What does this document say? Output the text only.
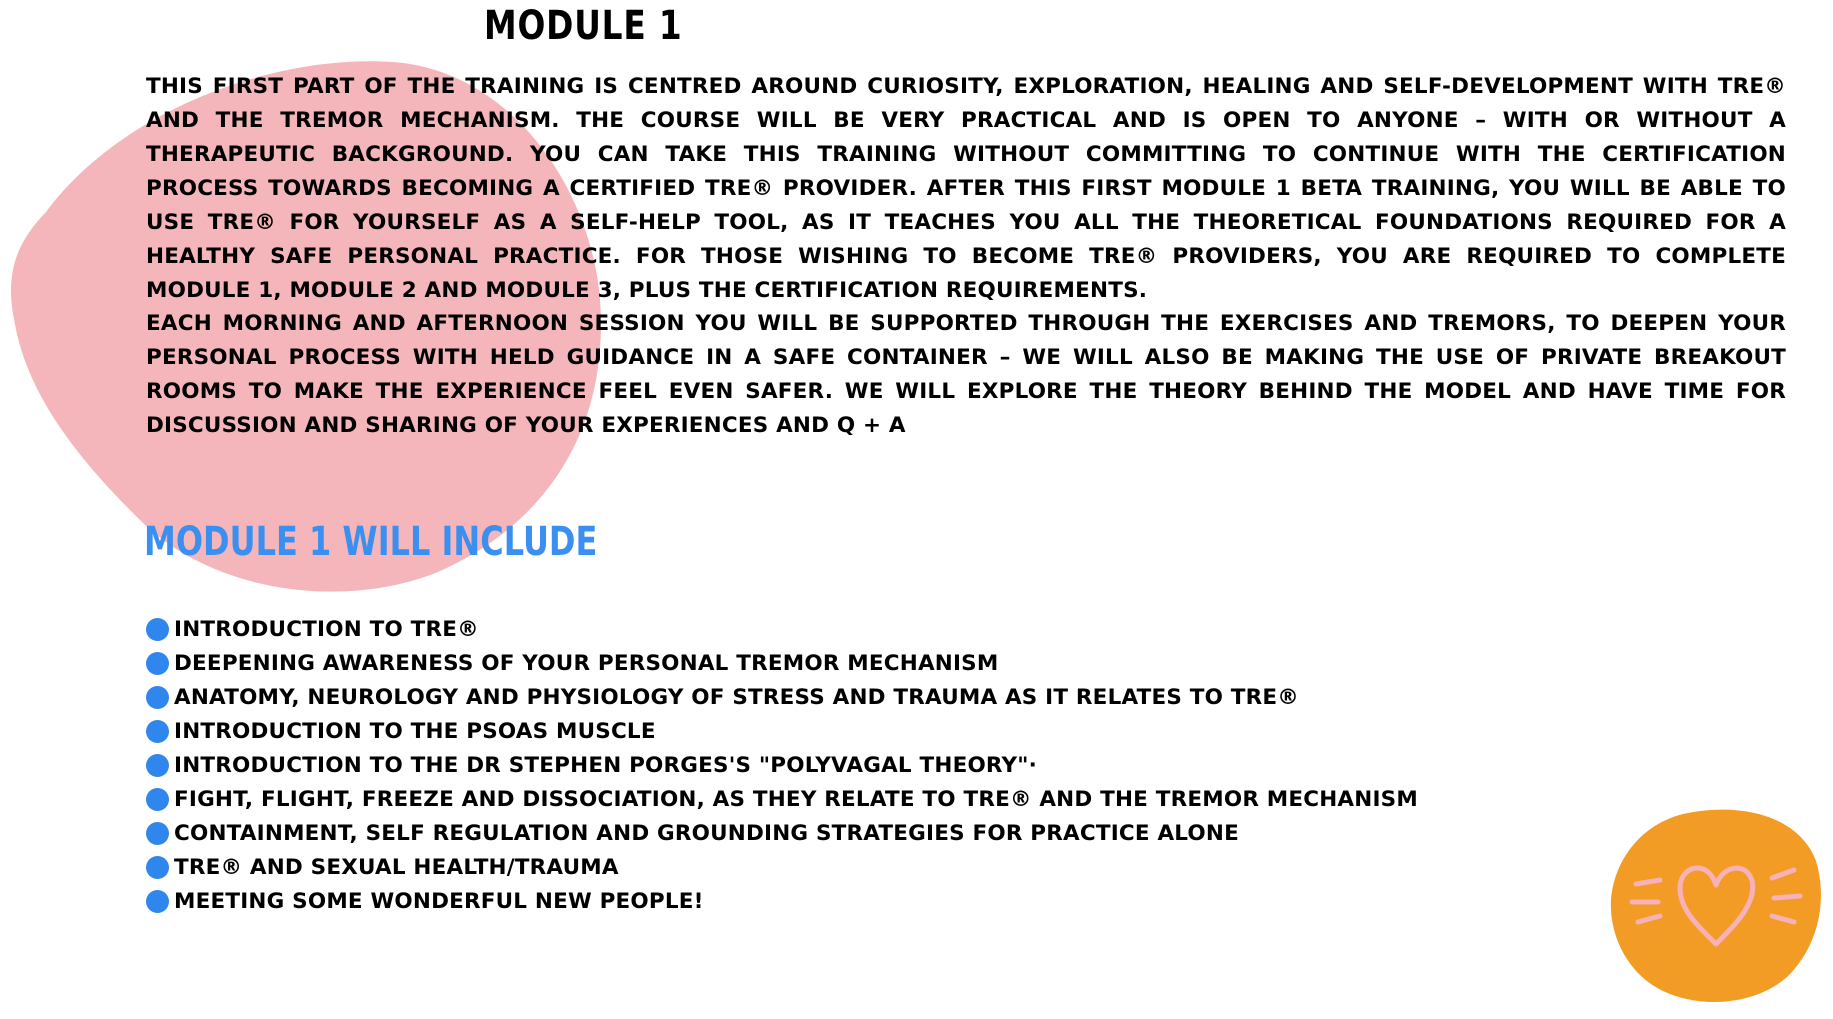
MODULE 1

THIS FIRST PART OF THE TRAINING IS CENTRED AROUND CURIOSITY, EXPLORATION, HEALING AND SELF-DEVELOPMENT WITH TRE® AND THE TREMOR MECHANISM. THE COURSE WILL BE VERY PRACTICAL AND IS OPEN TO ANYONE – WITH OR WITHOUT A THERAPEUTIC BACKGROUND. YOU CAN TAKE THIS TRAINING WITHOUT COMMITTING TO CONTINUE WITH THE CERTIFICATION PROCESS TOWARDS BECOMING A CERTIFIED TRE® PROVIDER. AFTER THIS FIRST MODULE 1 BETA TRAINING, YOU WILL BE ABLE TO USE TRE® FOR YOURSELF AS A SELF-HELP TOOL, AS IT TEACHES YOU ALL THE THEORETICAL FOUNDATIONS REQUIRED FOR A HEALTHY SAFE PERSONAL PRACTICE. FOR THOSE WISHING TO BECOME TRE® PROVIDERS, YOU ARE REQUIRED TO COMPLETE MODULE 1, MODULE 2 AND MODULE 3, PLUS THE CERTIFICATION REQUIREMENTS.

EACH MORNING AND AFTERNOON SESSION YOU WILL BE SUPPORTED THROUGH THE EXERCISES AND TREMORS, TO DEEPEN YOUR PERSONAL PROCESS WITH HELD GUIDANCE IN A SAFE CONTAINER – WE WILL ALSO BE MAKING THE USE OF PRIVATE BREAKOUT ROOMS TO MAKE THE EXPERIENCE FEEL EVEN SAFER. WE WILL EXPLORE THE THEORY BEHIND THE MODEL AND HAVE TIME FOR DISCUSSION AND SHARING OF YOUR EXPERIENCES AND Q + A

MODULE 1 WILL INCLUDE
INTRODUCTION TO TRE®
DEEPENING AWARENESS OF YOUR PERSONAL TREMOR MECHANISM
ANATOMY, NEUROLOGY AND PHYSIOLOGY OF STRESS AND TRAUMA AS IT RELATES TO TRE®
INTRODUCTION TO THE PSOAS MUSCLE
INTRODUCTION TO THE DR STEPHEN PORGES'S "POLYVAGAL THEORY"·
FIGHT, FLIGHT, FREEZE AND DISSOCIATION, AS THEY RELATE TO TRE® AND THE TREMOR MECHANISM
CONTAINMENT, SELF REGULATION AND GROUNDING STRATEGIES FOR PRACTICE ALONE
TRE® AND SEXUAL HEALTH/TRAUMA
MEETING SOME WONDERFUL NEW PEOPLE!
